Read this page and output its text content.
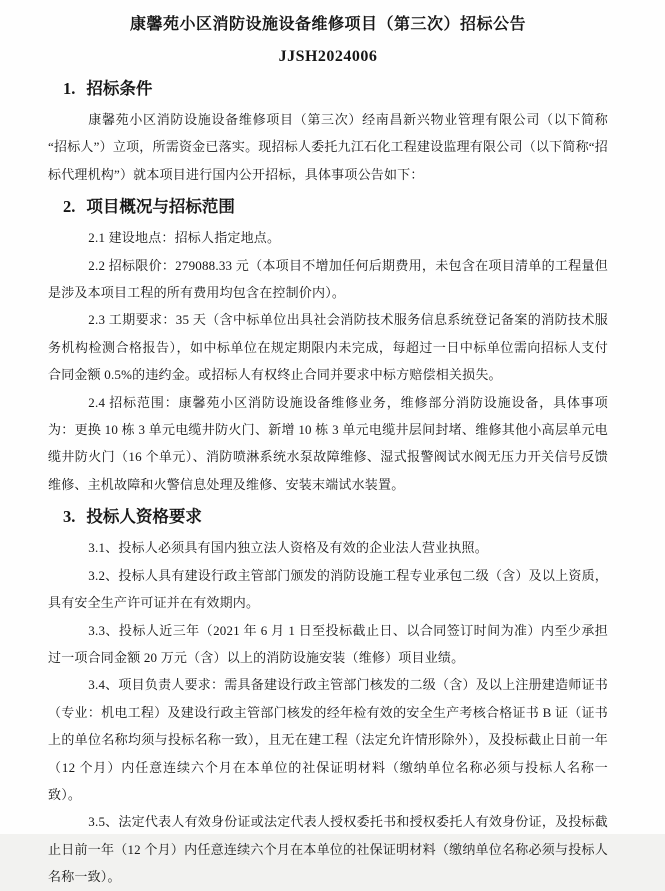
康馨苑小区消防设施设备维修项目（第三次）招标公告
JJSH2024006
1. 招标条件

康馨苑小区消防设施设备维修项目（第三次）经南昌新兴物业管理有限公司（以下简称“招标人”）立项，所需资金已落实。现招标人委托九江石化工程建设监理有限公司（以下简称“招标代理机构”）就本项目进行国内公开招标，具体事项公告如下：

2. 项目概况与招标范围

2.1 建设地点：招标人指定地点。

2.2 招标限价：279088.33 元（本项目不增加任何后期费用，未包含在项目清单的工程量但是涉及本项目工程的所有费用均包含在控制价内）。

2.3 工期要求：35 天（含中标单位出具社会消防技术服务信息系统登记备案的消防技术服务机构检测合格报告），如中标单位在规定期限内未完成，每超过一日中标单位需向招标人支付合同金额 0.5%的违约金。或招标人有权终止合同并要求中标方赔偿相关损失。

2.4 招标范围：康馨苑小区消防设施设备维修业务，维修部分消防设施设备，具体事项为：更换 10 栋 3 单元电缆井防火门、新增 10 栋 3 单元电缆井层间封堵、维修其他小高层单元电缆井防火门（16 个单元）、消防喷淋系统水泵故障维修、湿式报警阀试水阀无压力开关信号反馈维修、主机故障和火警信息处理及维修、安装末端试水装置。

3. 投标人资格要求

3.1、投标人必须具有国内独立法人资格及有效的企业法人营业执照。

3.2、投标人具有建设行政主管部门颁发的消防设施工程专业承包二级（含）及以上资质，具有安全生产许可证并在有效期内。

3.3、投标人近三年（2021 年 6 月 1 日至投标截止日、以合同签订时间为准）内至少承担过一项合同金额 20 万元（含）以上的消防设施安装（维修）项目业绩。

3.4、项目负责人要求：需具备建设行政主管部门核发的二级（含）及以上注册建造师证书（专业：机电工程）及建设行政主管部门核发的经年检有效的安全生产考核合格证书 B 证（证书上的单位名称均须与投标名称一致），且无在建工程（法定允许情形除外），及投标截止日前一年（12 个月）内任意连续六个月在本单位的社保证明材料（缴纳单位名称必须与投标人名称一致）。

3.5、法定代表人有效身份证或法定代表人授权委托书和授权委托人有效身份证，及投标截止日前一年（12 个月）内任意连续六个月在本单位的社保证明材料（缴纳单位名称必须与投标人名称一致）。
